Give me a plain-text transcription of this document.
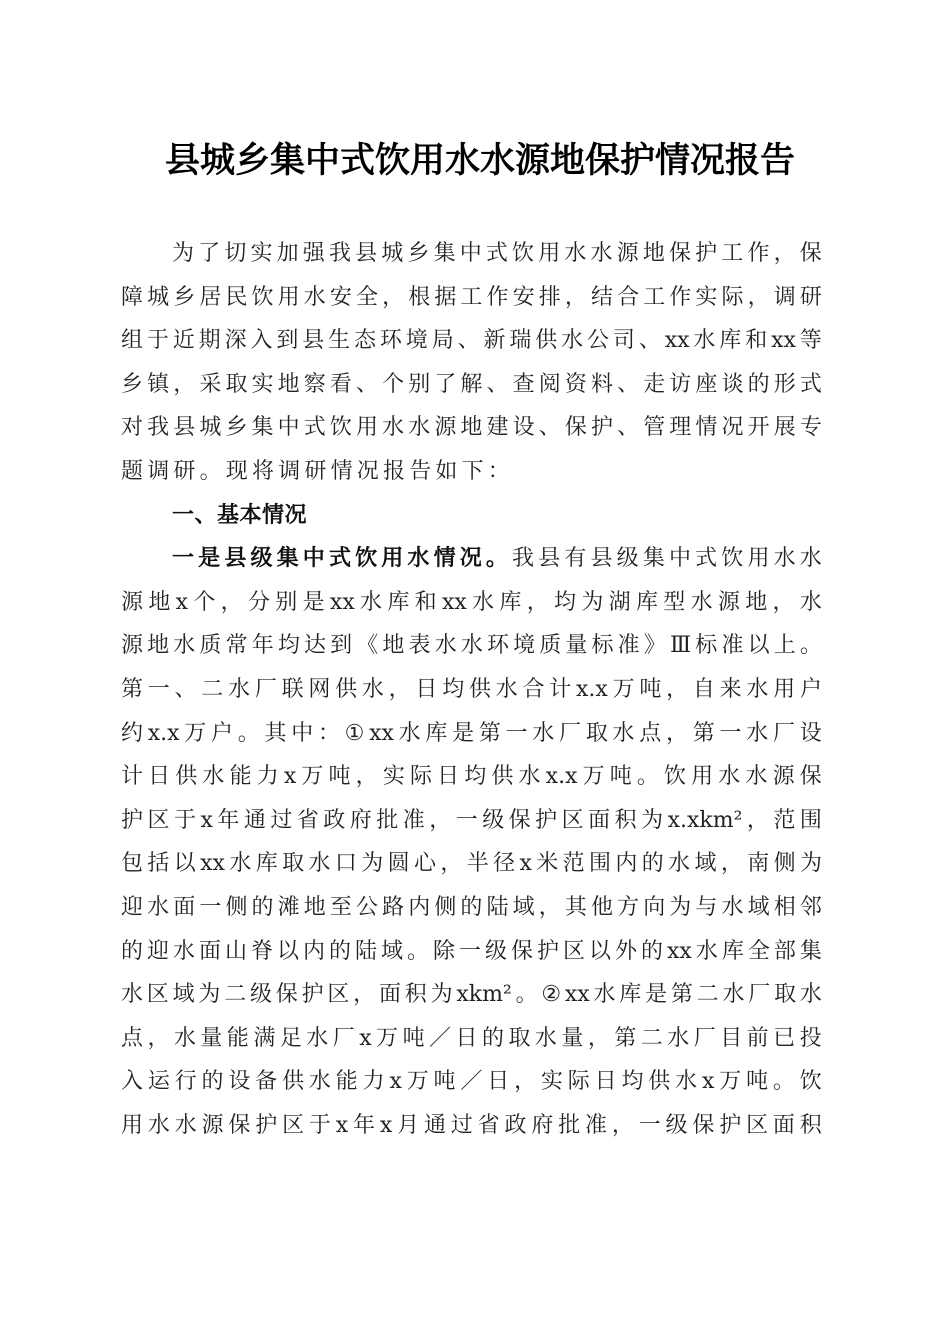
县城乡集中式饮用水水源地保护情况报告
为 了 切 实 加 强 我 县 城 乡 集 中 式 饮 用 水 水 源 地 保 护 工 作 ， 保
障 城 乡 居 民 饮 用 水 安 全 ， 根 据 工 作 安 排 ， 结 合 工 作 实 际 ， 调 研
组 于 近 期 深 入 到 县 生 态 环 境 局 、 新 瑞 供 水 公 司 、 xx 水 库 和 xx 等
乡 镇 ， 采 取 实 地 察 看 、 个 别 了 解 、 查 阅 资 料 、 走 访 座 谈 的 形 式
对 我 县 城 乡 集 中 式 饮 用 水 水 源 地 建 设 、 保 护 、 管 理 情 况 开 展 专
题调研。现将调研情况报告如下：
一、基本情况
一 是 县 级 集 中 式 饮 用 水 情 况 。 我 县 有 县 级 集 中 式 饮 用 水 水
源 地 x 个 ， 分 别 是 xx 水 库 和 xx 水 库 ， 均 为 湖 库 型 水 源 地 ， 水
源 地 水 质 常 年 均 达 到 《 地 表 水 水 环 境 质 量 标 准 》 Ⅲ 标 准 以 上 。
第 一 、 二 水 厂 联 网 供 水 ， 日 均 供 水 合 计 x.x 万 吨 ， 自 来 水 用 户
约 x.x 万 户 。 其 中 ： ① xx 水 库 是 第 一 水 厂 取 水 点 ， 第 一 水 厂 设
计 日 供 水 能 力 x 万 吨 ， 实 际 日 均 供 水 x.x 万 吨 。 饮 用 水 水 源 保
护 区 于 x 年 通 过 省 政 府 批 准 ， 一 级 保 护 区 面 积 为 x.xkm² ， 范 围
包 括 以 xx 水 库 取 水 口 为 圆 心 ， 半 径 x 米 范 围 内 的 水 域 ， 南 侧 为
迎 水 面 一 侧 的 滩 地 至 公 路 内 侧 的 陆 域 ， 其 他 方 向 为 与 水 域 相 邻
的 迎 水 面 山 脊 以 内 的 陆 域 。 除 一 级 保 护 区 以 外 的 xx 水 库 全 部 集
水 区 域 为 二 级 保 护 区 ， 面 积 为 xkm² 。 ② xx 水 库 是 第 二 水 厂 取 水
点 ， 水 量 能 满 足 水 厂 x 万 吨 ／ 日 的 取 水 量 ， 第 二 水 厂 目 前 已 投
入 运 行 的 设 备 供 水 能 力 x 万 吨 ／ 日 ， 实 际 日 均 供 水 x 万 吨 。 饮
用 水 水 源 保 护 区 于 x 年 x 月 通 过 省 政 府 批 准 ， 一 级 保 护 区 面 积
